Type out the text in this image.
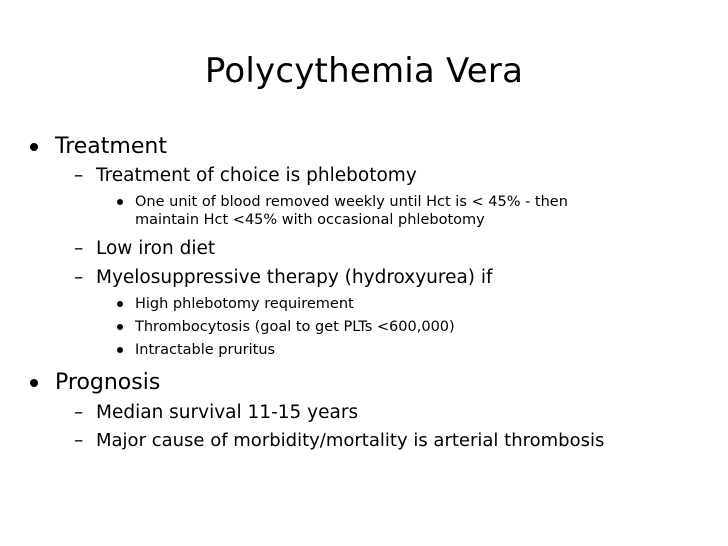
Polycythemia Vera
Treatment
– Treatment of choice is phlebotomy
One unit of blood removed weekly until Hct is < 45% - then
maintain Hct <45% with occasional phlebotomy
– Low iron diet
– Myelosuppressive therapy (hydroxyurea) if
High phlebotomy requirement
Thrombocytosis (goal to get PLTs <600,000)
Intractable pruritus
Prognosis
– Median survival 11-15 years
– Major cause of morbidity/mortality is arterial thrombosis
